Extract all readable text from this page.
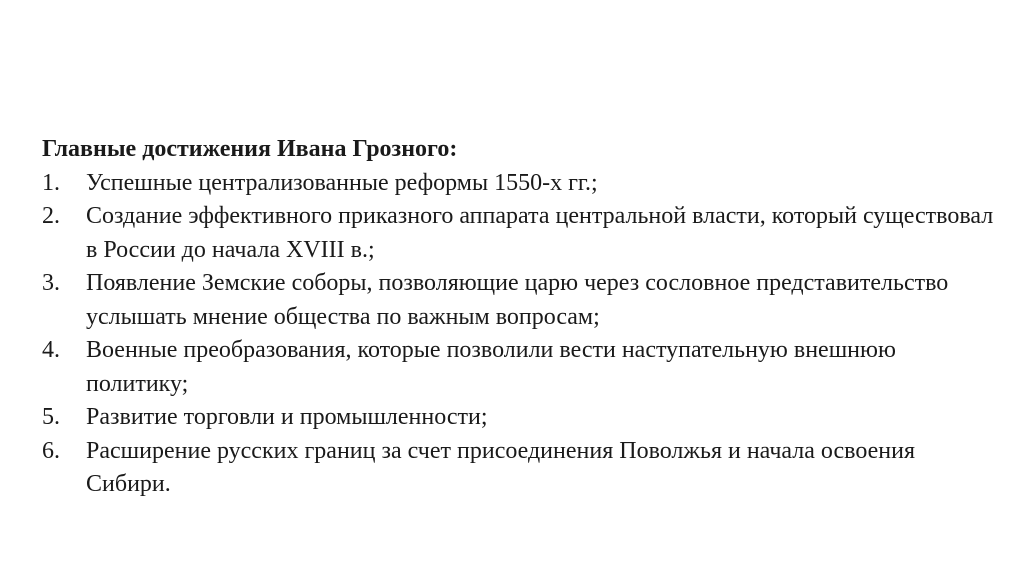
Главные достижения Ивана Грозного:

1. Успешные централизованные реформы 1550-х гг.;
2. Создание эффективного приказного аппарата центральной власти, который существовал в России до начала XVIII в.;
3. Появление Земские соборы, позволяющие царю через сословное представительство услышать мнение общества по важным вопросам;
4. Военные преобразования, которые позволили вести наступательную внешнюю политику;
5. Развитие торговли и промышленности;
6. Расширение русских границ за счет присоединения Поволжья и начала освоения Сибири.
